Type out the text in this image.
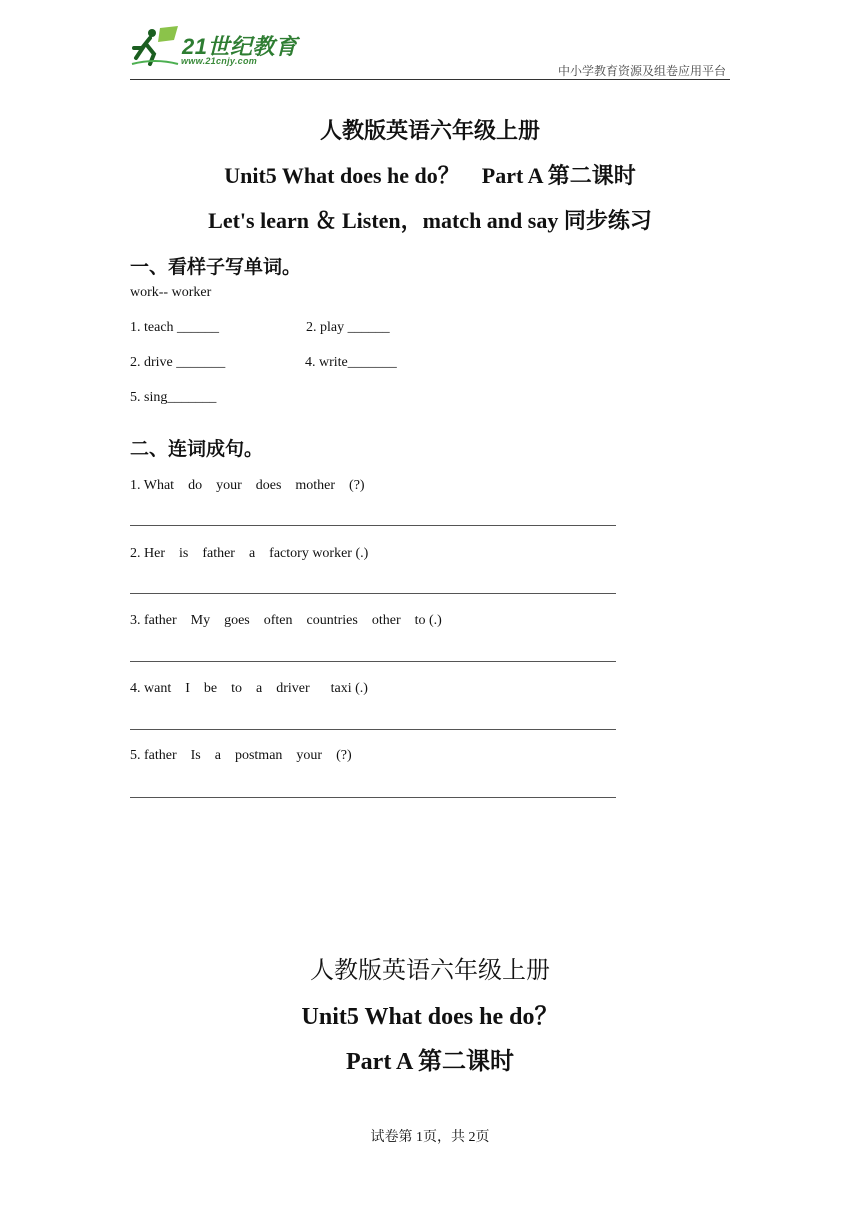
21世纪教育
www.21cnjy.com
中小学教育资源及组卷应用平台
人教版英语六年级上册
Unit5 What does he do？　Part A 第二课时
Let's learn ＆ Listen，match and say 同步练习
一、看样子写单词。
work-- worker
1. teach ______	2. play ______
2. drive _______	4. write_______
5. sing_______
二、连词成句。
1. What    do    your    does    mother    (?)
2. Her    is    father    a    factory worker (.)
3. father    My    goes    often    countries    other    to (.)
4. want    I    be    to    a    driver      taxi (.)
5. father    Is    a    postman    your    (?)
人教版英语六年级上册
Unit5 What does he do？
Part A 第二课时
试卷第 1页，共 2页
